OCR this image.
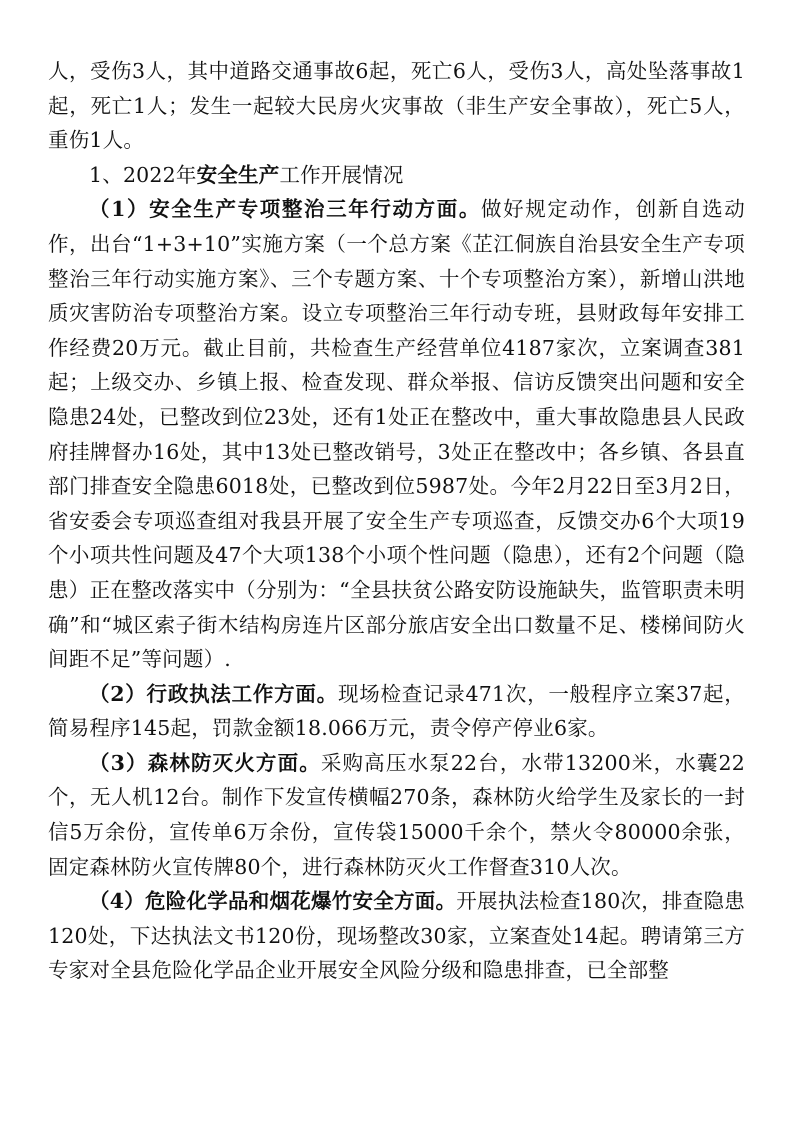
人，受伤3人，其中道路交通事故6起，死亡6人，受伤3人，高处坠落事故1起，死亡1人；发生一起较大民房火灾事故（非生产安全事故），死亡5人，重伤1人。

1、2022年安全生产工作开展情况

（1）安全生产专项整治三年行动方面。做好规定动作，创新自选动作，出台“1+3+10”实施方案（一个总方案《芷江侗族自治县安全生产专项整治三年行动实施方案》、三个专题方案、十个专项整治方案），新增山洪地质灾害防治专项整治方案。设立专项整治三年行动专班，县财政每年安排工作经费20万元。截止目前，共检查生产经营单位4187家次，立案调查381起；上级交办、乡镇上报、检查发现、群众举报、信访反馈突出问题和安全隐患24处，已整改到位23处，还有1处正在整改中，重大事故隐患县人民政府挂牌督办16处，其中13处已整改销号，3处正在整改中；各乡镇、各县直部门排查安全隐患6018处，已整改到位5987处。今年2月22日至3月2日，省安委会专项巡查组对我县开展了安全生产专项巡查，反馈交办6个大项19个小项共性问题及47个大项138个小项个性问题（隐患），还有2个问题（隐患）正在整改落实中（分别为：“全县扶贫公路安防设施缺失，监管职责未明确”和“城区索子街木结构房连片区部分旅店安全出口数量不足、楼梯间防火间距不足”等问题）.

（2）行政执法工作方面。现场检查记录471次，一般程序立案37起，简易程序145起，罚款金额18.066万元，责令停产停业6家。

（3）森林防灭火方面。采购高压水泵22台，水带13200米，水囊22个，无人机12台。制作下发宣传横幅270条，森林防火给学生及家长的一封信5万余份，宣传单6万余份，宣传袋15000千余个，禁火令80000余张，固定森林防火宣传牌80个，进行森林防灭火工作督查310人次。

（4）危险化学品和烟花爆竹安全方面。开展执法检查180次，排查隐患120处，下达执法文书120份，现场整改30家，立案查处14起。聘请第三方专家对全县危险化学品企业开展安全风险分级和隐患排查，已全部整
